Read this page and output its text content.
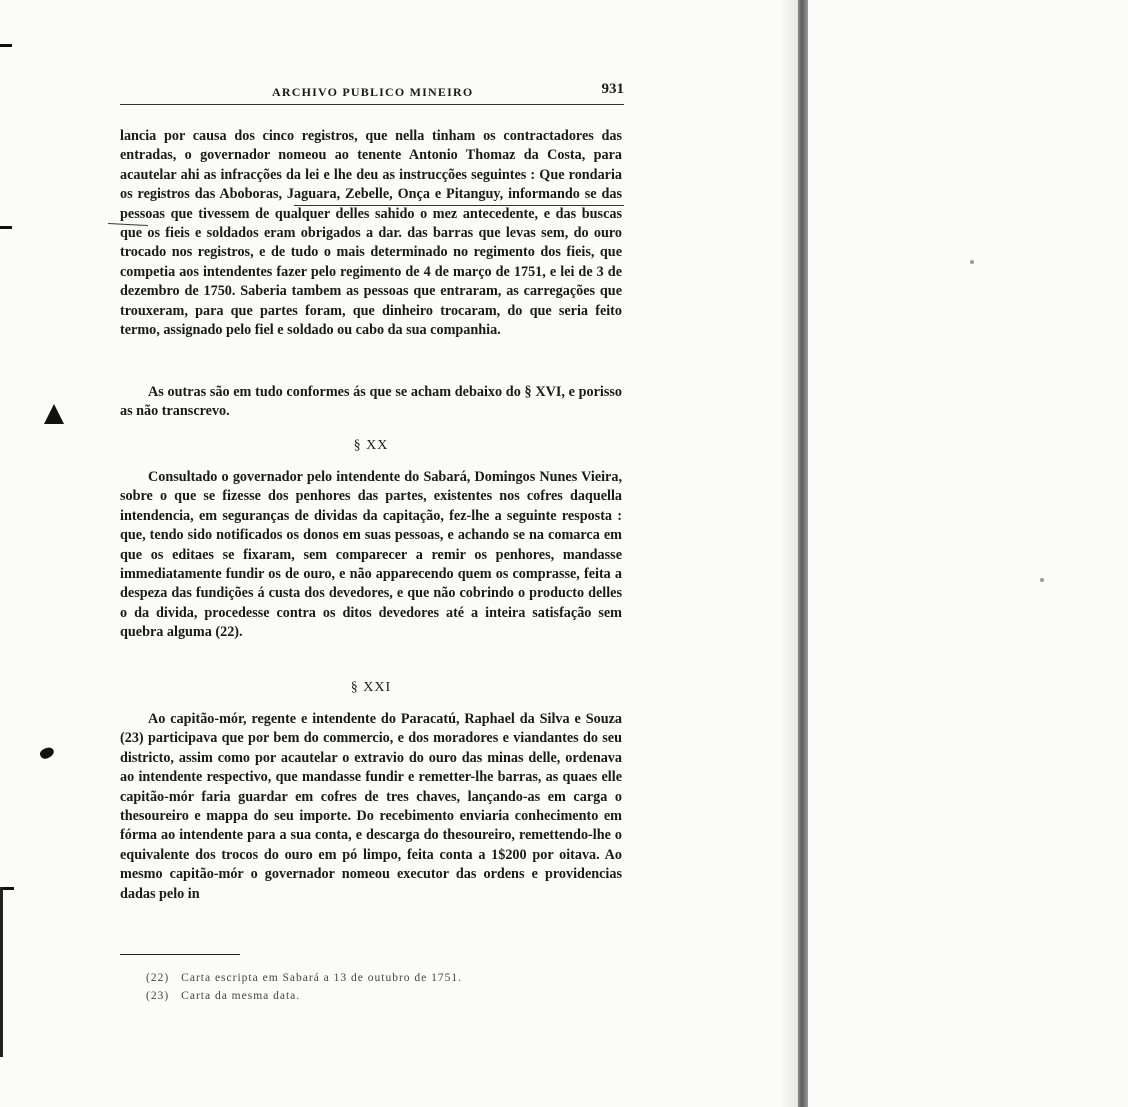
ARCHIVO PUBLICO MINEIRO	931

lancia por causa dos cinco registros, que nella tinham os contractadores das entradas, o governador nomeou ao tenente Antonio Thomaz da Costa, para acautelar ahi as infracções da lei e lhe deu as instrucções seguintes : Que rondaria os registros das Aboboras, Jaguara, Zebelle, Onça e Pitanguy, informando se das pessoas que tivessem de qualquer delles sahido o mez antecedente, e das buscas que os fieis e soldados eram obrigados a dar. das barras que levas sem, do ouro trocado nos registros, e de tudo o mais determinado no regimento dos fieis, que competia aos intendentes fazer pelo regimento de 4 de março de 1751, e lei de 3 de dezembro de 1750. Saberia tambem as pessoas que entraram, as carregações que trouxeram, para que partes foram, que dinheiro trocaram, do que seria feito termo, assignado pelo fiel e soldado ou cabo da sua companhia.

As outras são em tudo conformes ás que se acham debaixo do § XVI, e porisso as não transcrevo.

§ XX

Consultado o governador pelo intendente do Sabará, Domingos Nunes Vieira, sobre o que se fizesse dos penhores das partes, existentes nos cofres daquella intendencia, em seguranças de dividas da capitação, fez-lhe a seguinte resposta : que, tendo sido notificados os donos em suas pessoas, e achando se na comarca em que os editaes se fixaram, sem comparecer a remir os penhores, mandasse immediatamente fundir os de ouro, e não apparecendo quem os comprasse, feita a despeza das fundições á custa dos devedores, e que não cobrindo o producto delles o da divida, procedesse contra os ditos devedores até a inteira satisfação sem quebra alguma (22).

§ XXI

Ao capitão-mór, regente e intendente do Paracatú, Raphael da Silva e Souza (23) participava que por bem do commercio, e dos moradores e viandantes do seu districto, assim como por acautelar o extravio do ouro das minas delle, ordenava ao intendente respectivo, que mandasse fundir e remetter-lhe barras, as quaes elle capitão-mór faria guardar em cofres de tres chaves, lançando-as em carga o thesoureiro e mappa do seu importe. Do recebimento enviaria conhecimento em fórma ao intendente para a sua conta, e descarga do thesoureiro, remettendo-lhe o equivalente dos trocos do ouro em pó limpo, feita conta a 1$200 por oitava. Ao mesmo capitão-mór o governador nomeou executor das ordens e providencias dadas pelo in

(22) Carta escripta em Sabará a 13 de outubro de 1751.
(23) Carta da mesma data.
